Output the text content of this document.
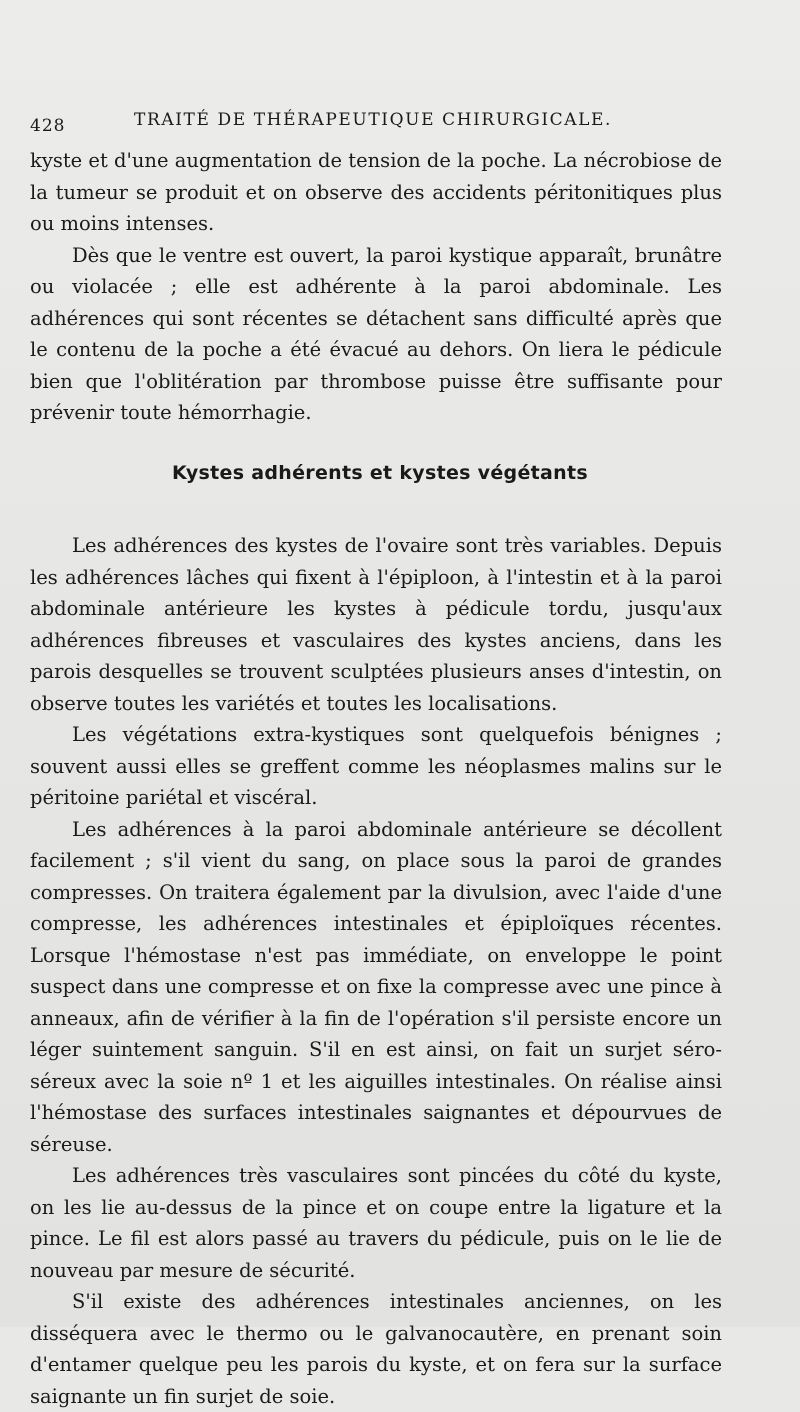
428	TRAITÉ DE THÉRAPEUTIQUE CHIRURGICALE.

kyste et d'une augmentation de tension de la poche. La nécrobiose de la tumeur se produit et on observe des accidents péritonitiques plus ou moins intenses.

Dès que le ventre est ouvert, la paroi kystique apparaît, brunâtre ou violacée ; elle est adhérente à la paroi abdominale. Les adhérences qui sont récentes se détachent sans difficulté après que le contenu de la poche a été évacué au dehors. On liera le pédicule bien que l'oblitération par thrombose puisse être suffisante pour prévenir toute hémorrhagie.

Kystes adhérents et kystes végétants

Les adhérences des kystes de l'ovaire sont très variables. Depuis les adhérences lâches qui fixent à l'épiploon, à l'intestin et à la paroi abdominale antérieure les kystes à pédicule tordu, jusqu'aux adhérences fibreuses et vasculaires des kystes anciens, dans les parois desquelles se trouvent sculptées plusieurs anses d'intestin, on observe toutes les variétés et toutes les localisations.

Les végétations extra-kystiques sont quelquefois bénignes ; souvent aussi elles se greffent comme les néoplasmes malins sur le péritoine pariétal et viscéral.

Les adhérences à la paroi abdominale antérieure se décollent facilement ; s'il vient du sang, on place sous la paroi de grandes compresses. On traitera également par la divulsion, avec l'aide d'une compresse, les adhérences intestinales et épiploïques récentes. Lorsque l'hémostase n'est pas immédiate, on enveloppe le point suspect dans une compresse et on fixe la compresse avec une pince à anneaux, afin de vérifier à la fin de l'opération s'il persiste encore un léger suintement sanguin. S'il en est ainsi, on fait un surjet séro-séreux avec la soie nº 1 et les aiguilles intestinales. On réalise ainsi l'hémostase des surfaces intestinales saignantes et dépourvues de séreuse.

Les adhérences très vasculaires sont pincées du côté du kyste, on les lie au-dessus de la pince et on coupe entre la ligature et la pince. Le fil est alors passé au travers du pédicule, puis on le lie de nouveau par mesure de sécurité.

S'il existe des adhérences intestinales anciennes, on les disséquera avec le thermo ou le galvanocautère, en prenant soin d'entamer quelque peu les parois du kyste, et on fera sur la surface saignante un fin surjet de soie.
